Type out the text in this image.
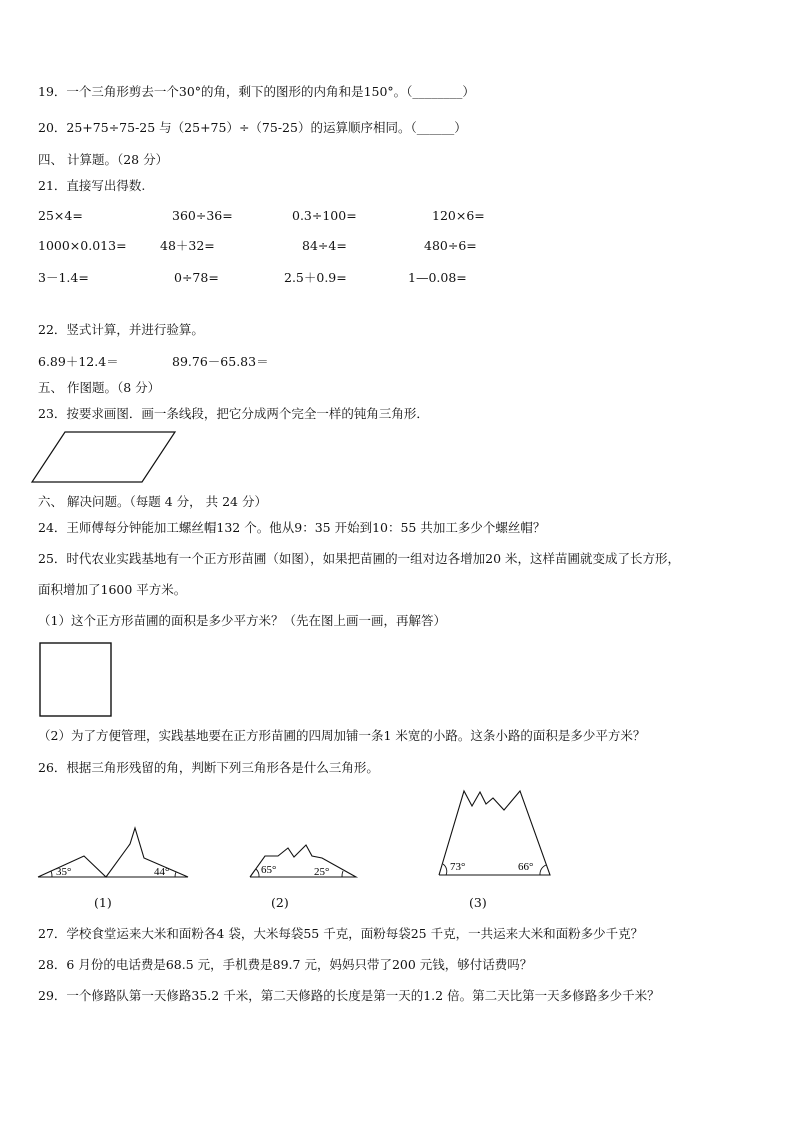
19．一个三角形剪去一个30°的角，剩下的图形的内角和是150°。（________）
20．25+75÷75-25 与（25+75）÷（75-25）的运算顺序相同。（______）
四、 计算题。（28 分）
21．直接写出得数.
25×4=	360÷36=	0.3÷100=	120×6=
1000×0.013=	48＋32=	84÷4=	480÷6=
3－1.4=	0÷78=	2.5＋0.9=	1—0.08=
22．竖式计算，并进行验算。
6.89＋12.4＝	89.76－65.83＝
五、 作图题。（8 分）
23．按要求画图．画一条线段，把它分成两个完全一样的钝角三角形．
六、 解决问题。（每题 4 分， 共 24 分）
24．王师傅每分钟能加工螺丝帽132 个。他从9：35 开始到10：55 共加工多少个螺丝帽？
25．时代农业实践基地有一个正方形苗圃（如图），如果把苗圃的一组对边各增加20 米，这样苗圃就变成了长方形，
面积增加了1600 平方米。
（1）这个正方形苗圃的面积是多少平方米？（先在图上画一画，再解答）
（2）为了方便管理，实践基地要在正方形苗圃的四周加铺一条1 米宽的小路。这条小路的面积是多少平方米？
26．根据三角形残留的角，判断下列三角形各是什么三角形。
35°	44°
(1)
65°	25°
(2)
73°	66°
(3)
27．学校食堂运来大米和面粉各4 袋，大米每袋55 千克，面粉每袋25 千克，一共运来大米和面粉多少千克？
28．6 月份的电话费是68.5 元，手机费是89.7 元，妈妈只带了200 元钱，够付话费吗？
29．一个修路队第一天修路35.2 千米，第二天修路的长度是第一天的1.2 倍。第二天比第一天多修路多少千米？
